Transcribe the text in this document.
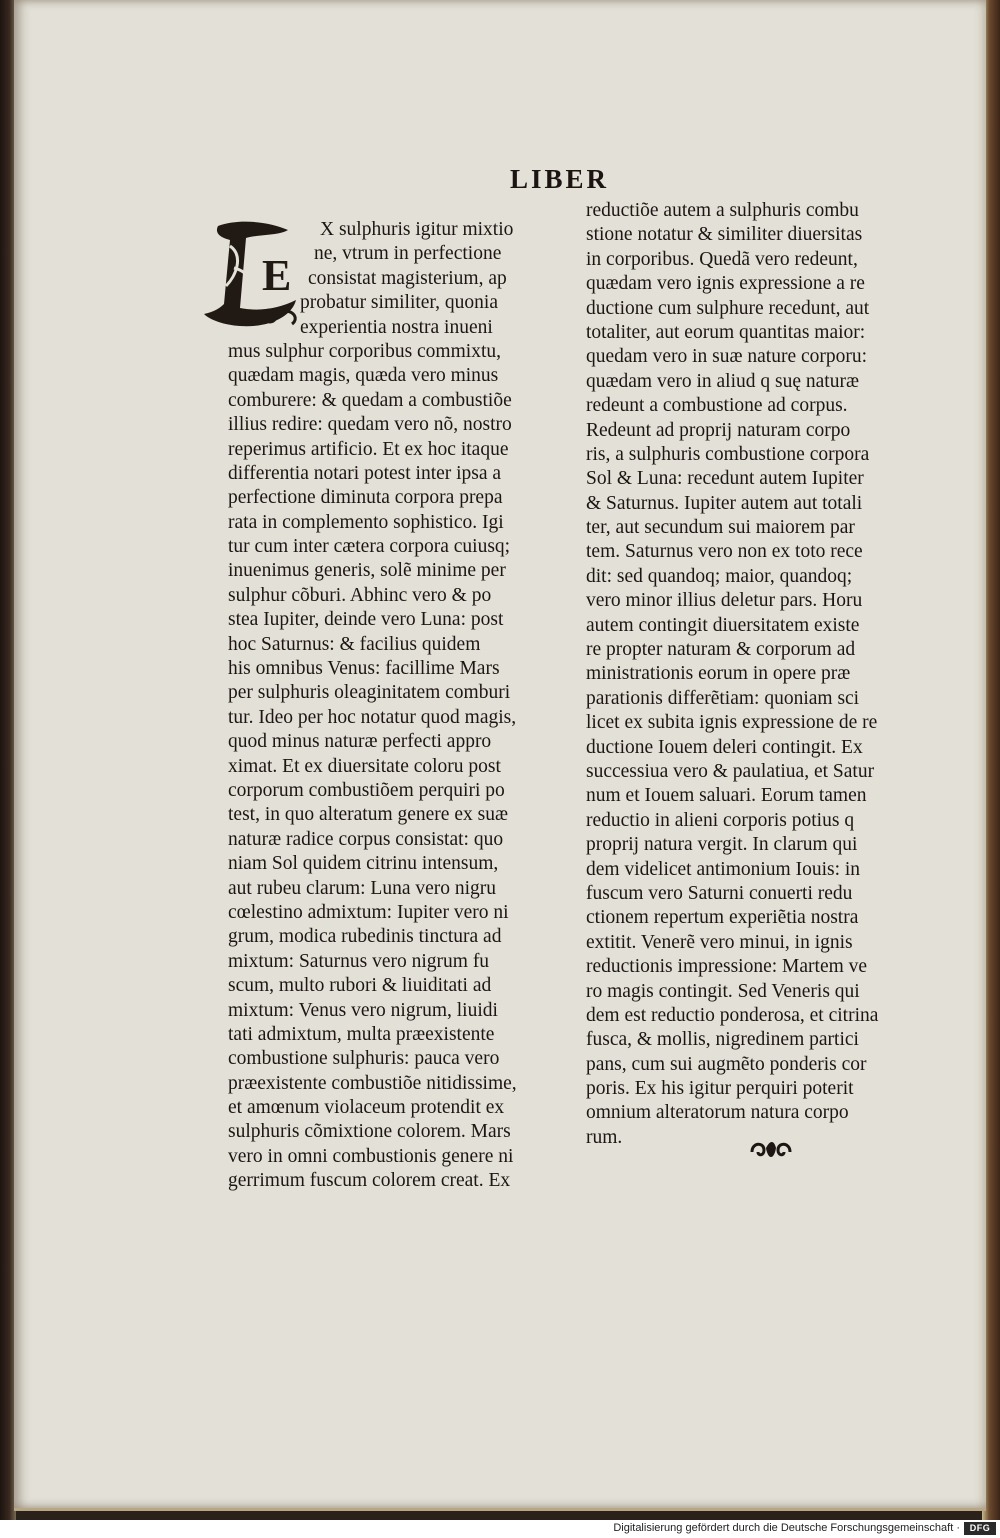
LIBER
E
X sulphuris igitur mixtio
ne, vtrum in perfectione
consistat magisterium, ap
probatur similiter, quonia
experientia nostra inueni
mus sulphur corporibus commixtu,
quædam magis, quæda vero minus
comburere: & quedam a combustiõe
illius redire: quedam vero nõ, nostro
reperimus artificio. Et ex hoc itaque
differentia notari potest inter ipsa a
perfectione diminuta corpora prepa
rata in complemento sophistico. Igi
tur cum inter cætera corpora cuiusq;
inuenimus generis, solẽ minime per
sulphur cõburi. Abhinc vero & po
stea Iupiter, deinde vero Luna: post
hoc Saturnus: & facilius quidem
his omnibus Venus: facillime Mars
per sulphuris oleaginitatem comburi
tur. Ideo per hoc notatur quod magis,
quod minus naturæ perfecti appro
ximat. Et ex diuersitate coloru post
corporum combustiõem perquiri po
test, in quo alteratum genere ex suæ
naturæ radice corpus consistat: quo
niam Sol quidem citrinu intensum,
aut rubeu clarum: Luna vero nigru
cœlestino admixtum: Iupiter vero ni
grum, modica rubedinis tinctura ad
mixtum: Saturnus vero nigrum fu
scum, multo rubori & liuiditati ad
mixtum: Venus vero nigrum, liuidi
tati admixtum, multa præexistente
combustione sulphuris: pauca vero
præexistente combustiõe nitidissime,
et amœnum violaceum protendit ex
sulphuris cõmixtione colorem. Mars
vero in omni combustionis genere ni
gerrimum fuscum colorem creat. Ex
reductiõe autem a sulphuris combu
stione notatur & similiter diuersitas
in corporibus. Quedã vero redeunt,
quædam vero ignis expressione a re
ductione cum sulphure recedunt, aut
totaliter, aut eorum quantitas maior:
quedam vero in suæ nature corporu:
quædam vero in aliud q suę naturæ
redeunt a combustione ad corpus.
Redeunt ad proprij naturam corpo
ris, a sulphuris combustione corpora
Sol & Luna: recedunt autem Iupiter
& Saturnus. Iupiter autem aut totali
ter, aut secundum sui maiorem par
tem. Saturnus vero non ex toto rece
dit: sed quandoq; maior, quandoq;
vero minor illius deletur pars. Horu
autem contingit diuersitatem existe
re propter naturam & corporum ad
ministrationis eorum in opere præ
parationis differẽtiam: quoniam sci
licet ex subita ignis expressione de re
ductione Iouem deleri contingit. Ex
successiua vero & paulatiua, et Satur
num et Iouem saluari. Eorum tamen
reductio in alieni corporis potius q
proprij natura vergit. In clarum qui
dem videlicet antimonium Iouis: in
fuscum vero Saturni conuerti redu
ctionem repertum experiẽtia nostra
extitit. Venerẽ vero minui, in ignis
reductionis impressione: Martem ve
ro magis contingit. Sed Veneris qui
dem est reductio ponderosa, et citrina
fusca, & mollis, nigredinem partici
pans, cum sui augmẽto ponderis cor
poris. Ex his igitur perquiri poterit
omnium alteratorum natura corpo
rum.
Digitalisierung gefördert durch die Deutsche Forschungsgemeinschaft ·	DFG
